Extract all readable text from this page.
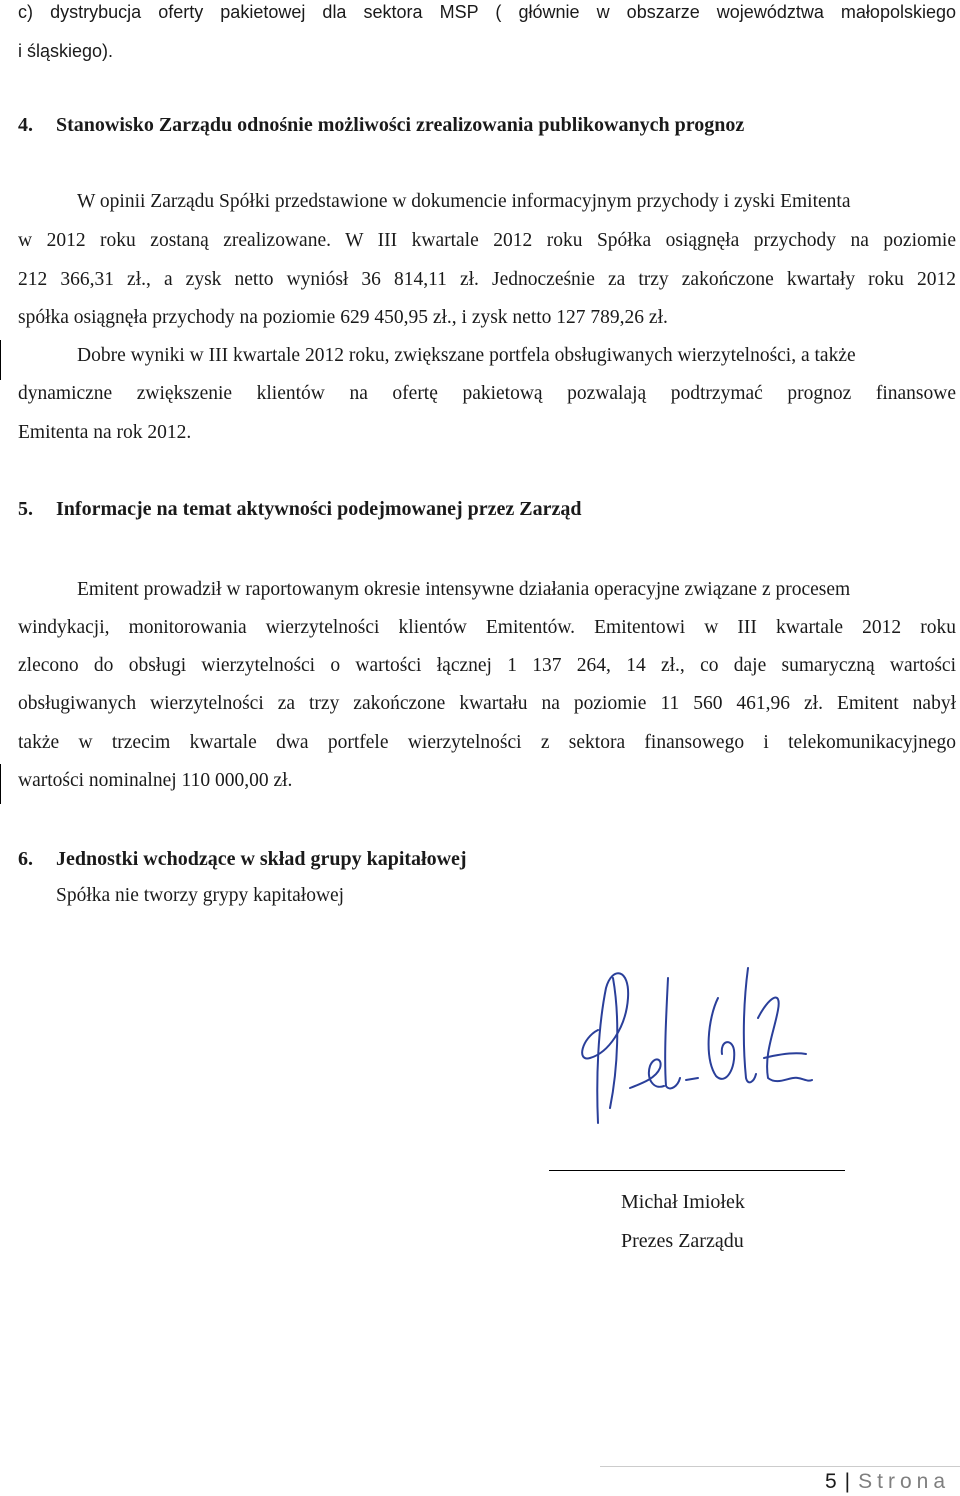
c) dystrybucja oferty pakietowej dla sektora MSP ( głównie w obszarze województwa małopolskiego
i śląskiego).
4. Stanowisko Zarządu odnośnie możliwości zrealizowania publikowanych prognoz
W opinii Zarządu Spółki przedstawione w dokumencie informacyjnym przychody i zyski Emitenta
w 2012 roku zostaną zrealizowane. W III kwartale 2012 roku Spółka osiągnęła przychody na poziomie
212 366,31 zł., a zysk netto wyniósł 36 814,11 zł. Jednocześnie za trzy zakończone kwartały roku 2012
spółka osiągnęła przychody na poziomie 629 450,95 zł., i zysk netto 127 789,26 zł.
Dobre wyniki w III kwartale 2012 roku, zwiększane portfela obsługiwanych wierzytelności, a także
dynamiczne zwiększenie klientów na ofertę pakietową pozwalają podtrzymać prognoz finansowe
Emitenta na rok 2012.
5. Informacje na temat aktywności podejmowanej przez Zarząd
Emitent prowadził w raportowanym okresie intensywne działania operacyjne związane z procesem
windykacji, monitorowania wierzytelności klientów Emitentów. Emitentowi w III kwartale 2012 roku
zlecono do obsługi wierzytelności o wartości łącznej 1 137 264, 14 zł., co daje sumaryczną wartości
obsługiwanych wierzytelności za trzy zakończone kwartału na poziomie 11 560 461,96 zł. Emitent nabył
także w trzecim kwartale dwa portfele wierzytelności z sektora finansowego i telekomunikacyjnego
wartości nominalnej 110 000,00 zł.
6. Jednostki wchodzące w skład grupy kapitałowej
Spółka nie tworzy grypy kapitałowej
Michał Imiołek
Prezes Zarządu
5 | Strona
